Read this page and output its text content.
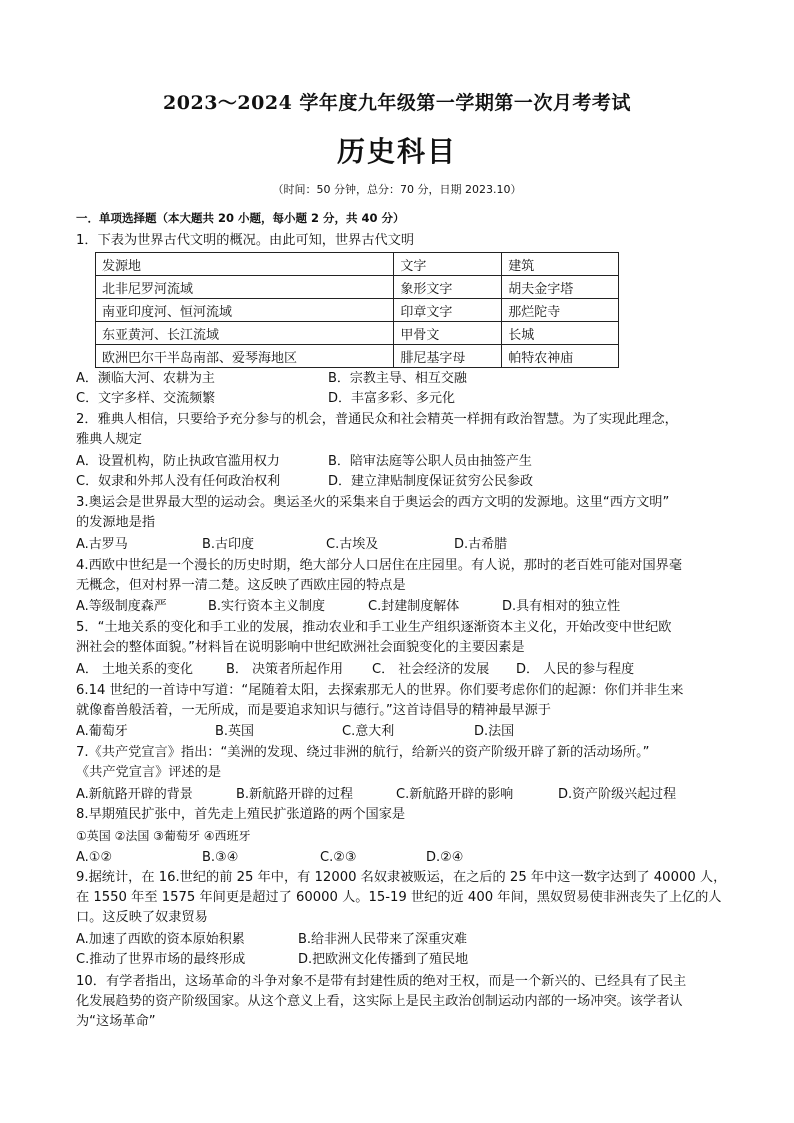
2023～2024 学年度九年级第一学期第一次月考考试
历史科目
（时间：50 分钟，总分：70 分，日期 2023.10）
一．单项选择题（本大题共 20 小题，每小题 2 分，共 40 分）
1．下表为世界古代文明的概况。由此可知，世界古代文明
发源地	文字	建筑
北非尼罗河流域	象形文字	胡夫金字塔
南亚印度河、恒河流域	印章文字	那烂陀寺
东亚黄河、长江流域	甲骨文	长城
欧洲巴尔干半岛南部、爱琴海地区	腓尼基字母	帕特农神庙
A．濒临大河、农耕为主	B．宗教主导、相互交融
C．文字多样、交流频繁	D．丰富多彩、多元化
2．雅典人相信，只要给予充分参与的机会，普通民众和社会精英一样拥有政治智慧。为了实现此理念，
雅典人规定
A．设置机构，防止执政官滥用权力	B．陪审法庭等公职人员由抽签产生
C．奴隶和外邦人没有任何政治权利	D．建立津贴制度保证贫穷公民参政
3.奥运会是世界最大型的运动会。奥运圣火的采集来自于奥运会的西方文明的发源地。这里“西方文明”
的发源地是指
A.古罗马	B.古印度	C.古埃及	D.古希腊
4.西欧中世纪是一个漫长的历史时期，绝大部分人口居住在庄园里。有人说，那时的老百姓可能对国界毫
无概念，但对村界一清二楚。这反映了西欧庄园的特点是
A.等级制度森严	B.实行资本主义制度	C.封建制度解体	D.具有相对的独立性
5．“土地关系的变化和手工业的发展，推动农业和手工业生产组织逐渐资本主义化，开始改变中世纪欧
洲社会的整体面貌。”材料旨在说明影响中世纪欧洲社会面貌变化的主要因素是
A． 土地关系的变化	B． 决策者所起作用 C． 社会经济的发展 D． 人民的参与程度
6.14 世纪的一首诗中写道：“尾随着太阳，去探索那无人的世界。你们要考虑你们的起源：你们并非生来
就像畜兽般活着，一无所成，而是要追求知识与德行。”这首诗倡导的精神最早源于
A.葡萄牙	B.英国	C.意大利	D.法国
7.《共产党宣言》指出：“美洲的发现、绕过非洲的航行，给新兴的资产阶级开辟了新的活动场所。”
《共产党宣言》评述的是
A.新航路开辟的背景	B.新航路开辟的过程	C.新航路开辟的影响	D.资产阶级兴起过程
8.早期殖民扩张中，首先走上殖民扩张道路的两个国家是
①英国 ②法国 ③葡萄牙 ④西班牙
A.①②	B.③④	C.②③	D.②④
9.据统计，在 16.世纪的前 25 年中，有 12000 名奴隶被贩运，在之后的 25 年中这一数字达到了 40000 人，
在 1550 年至 1575 年间更是超过了 60000 人。15-19 世纪的近 400 年间，黑奴贸易使非洲丧失了上亿的人
口。这反映了奴隶贸易
A.加速了西欧的资本原始积累	B.给非洲人民带来了深重灾难
C.推动了世界市场的最终形成	D.把欧洲文化传播到了殖民地
10．有学者指出，这场革命的斗争对象不是带有封建性质的绝对王权，而是一个新兴的、已经具有了民主
化发展趋势的资产阶级国家。从这个意义上看，这实际上是民主政治创制运动内部的一场冲突。该学者认
为“这场革命”
